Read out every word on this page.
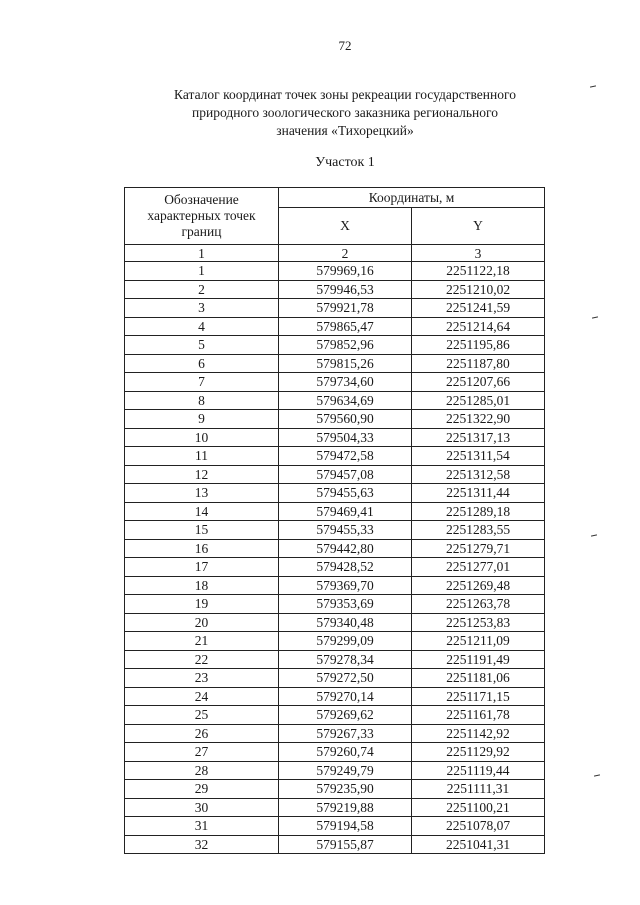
72
Каталог координат точек зоны рекреации государственного
природного зоологического заказника регионального
значения «Тихорецкий»
Участок 1
Обозначение
характерных точек
границ	Координаты, м	
	X	Y
1	2	3
1	579969,16	2251122,18
2	579946,53	2251210,02
3	579921,78	2251241,59
4	579865,47	2251214,64
5	579852,96	2251195,86
6	579815,26	2251187,80
7	579734,60	2251207,66
8	579634,69	2251285,01
9	579560,90	2251322,90
10	579504,33	2251317,13
11	579472,58	2251311,54
12	579457,08	2251312,58
13	579455,63	2251311,44
14	579469,41	2251289,18
15	579455,33	2251283,55
16	579442,80	2251279,71
17	579428,52	2251277,01
18	579369,70	2251269,48
19	579353,69	2251263,78
20	579340,48	2251253,83
21	579299,09	2251211,09
22	579278,34	2251191,49
23	579272,50	2251181,06
24	579270,14	2251171,15
25	579269,62	2251161,78
26	579267,33	2251142,92
27	579260,74	2251129,92
28	579249,79	2251119,44
29	579235,90	2251111,31
30	579219,88	2251100,21
31	579194,58	2251078,07
32	579155,87	2251041,31
